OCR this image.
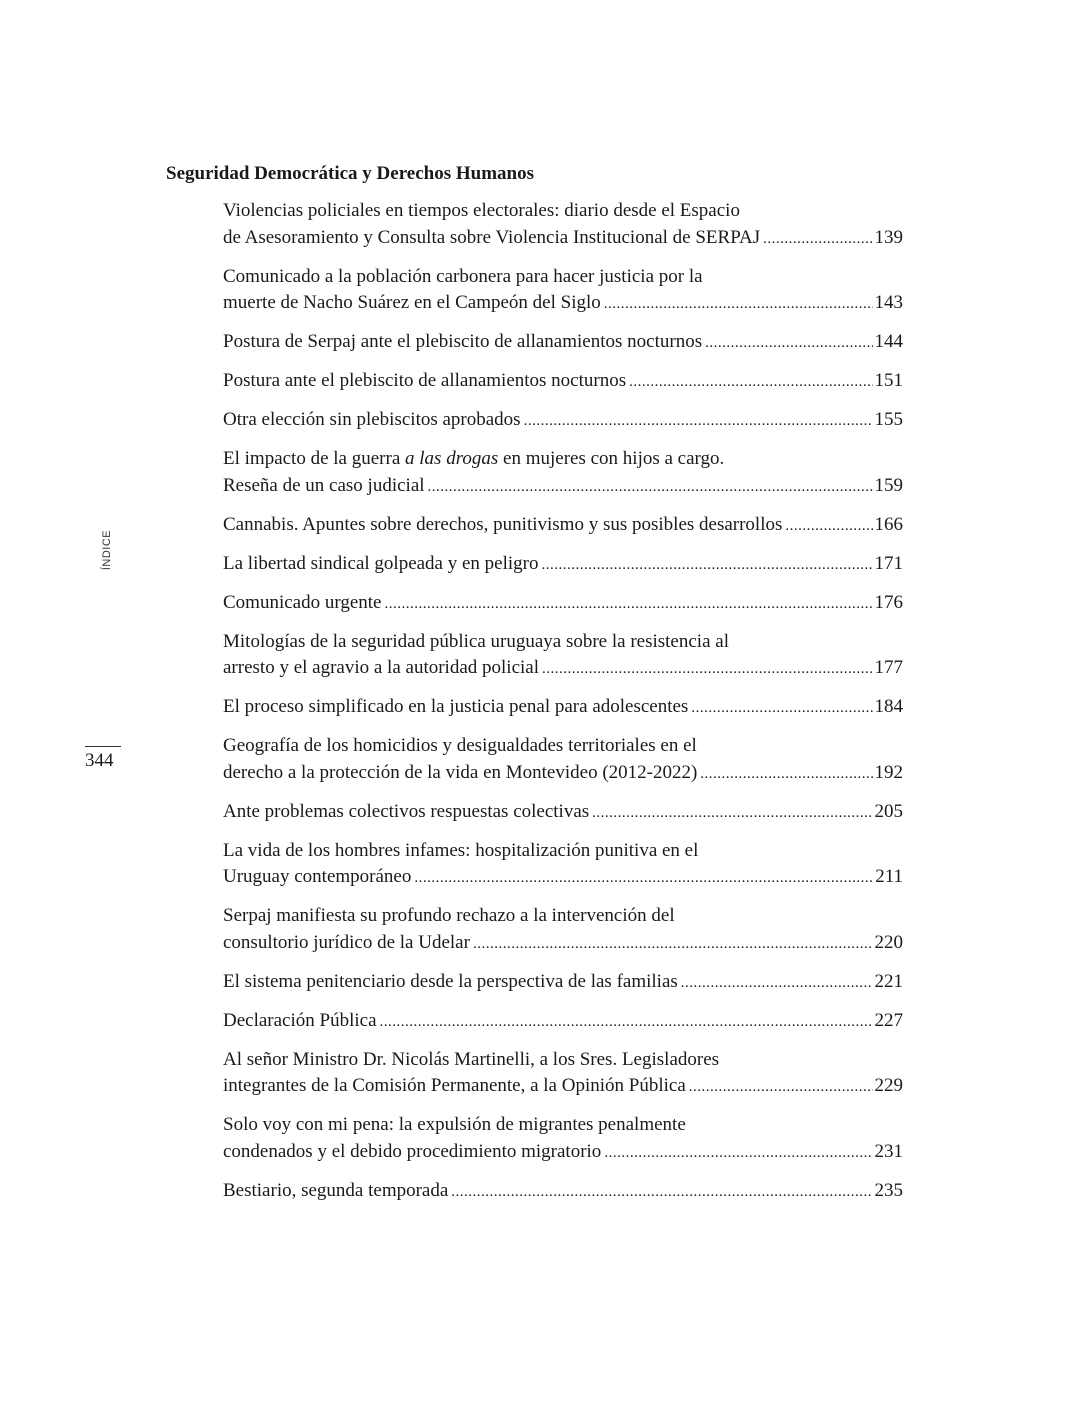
ÍNDICE
344
Seguridad Democrática y Derechos Humanos
Violencias policiales en tiempos electorales: diario desde el Espacio
de Asesoramiento y Consulta sobre Violencia Institucional de SERPAJ .....	139
Comunicado a la población carbonera para hacer justicia por la
muerte de Nacho Suárez en el Campeón del Siglo .....	143
Postura de Serpaj ante el plebiscito de allanamientos nocturnos .....	144
Postura ante el plebiscito de allanamientos nocturnos .....	151
Otra elección sin plebiscitos aprobados .....	155
El impacto de la guerra a las drogas en mujeres con hijos a cargo.
Reseña de un caso judicial .....	159
Cannabis. Apuntes sobre derechos, punitivismo y sus posibles desarrollos .....	166
La libertad sindical golpeada y en peligro .....	171
Comunicado urgente .....	176
Mitologías de la seguridad pública uruguaya sobre la resistencia al
arresto y el agravio a la autoridad policial .....	177
El proceso simplificado en la justicia penal para adolescentes .....	184
Geografía de los homicidios y desigualdades territoriales en el
derecho a la protección de la vida en Montevideo (2012-2022) .....	192
Ante problemas colectivos respuestas colectivas .....	205
La vida de los hombres infames: hospitalización punitiva en el
Uruguay contemporáneo .....	211
Serpaj manifiesta su profundo rechazo a la intervención del
consultorio jurídico de la Udelar .....	220
El sistema penitenciario desde la perspectiva de las familias .....	221
Declaración Pública .....	227
Al señor Ministro Dr. Nicolás Martinelli, a los Sres. Legisladores
integrantes de la Comisión Permanente, a la Opinión Pública .....	229
Solo voy con mi pena: la expulsión de migrantes penalmente
condenados y el debido procedimiento migratorio .....	231
Bestiario, segunda temporada .....	235
